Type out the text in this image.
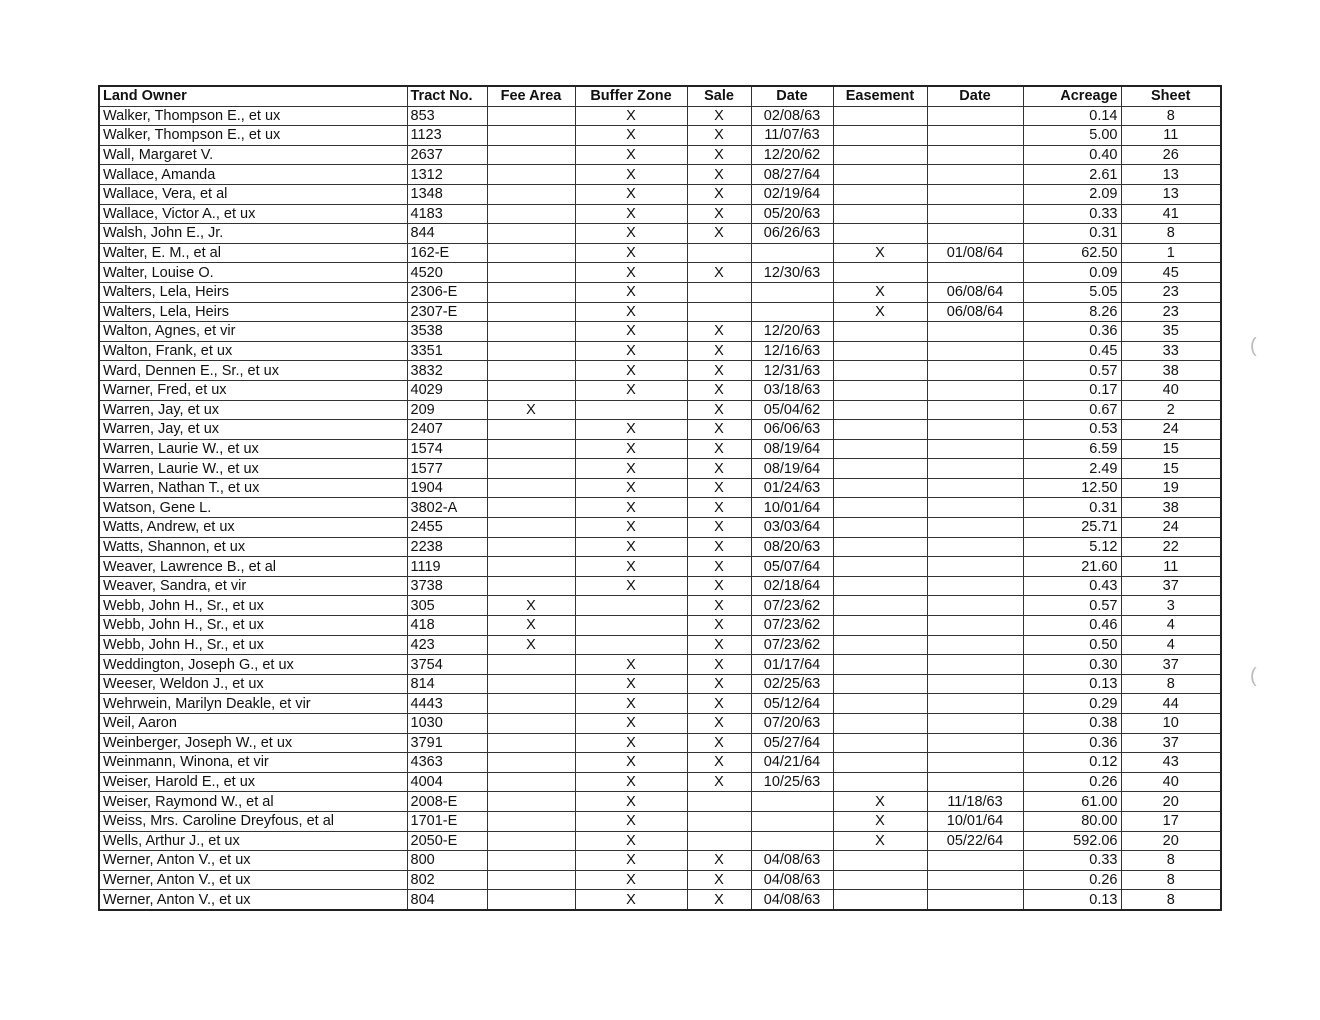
Land Owner	Tract No.	Fee Area	Buffer Zone	Sale	Date	Easement	Date	Acreage	Sheet
Walker, Thompson E., et ux	853		X	X	02/08/63			0.14	8
Walker, Thompson E., et ux	1123		X	X	11/07/63			5.00	11
Wall, Margaret V.	2637		X	X	12/20/62			0.40	26
Wallace, Amanda	1312		X	X	08/27/64			2.61	13
Wallace, Vera, et al	1348		X	X	02/19/64			2.09	13
Wallace, Victor A., et ux	4183		X	X	05/20/63			0.33	41
Walsh, John E., Jr.	844		X	X	06/26/63			0.31	8
Walter, E. M., et al	162-E		X			X	01/08/64	62.50	1
Walter, Louise O.	4520		X	X	12/30/63			0.09	45
Walters, Lela, Heirs	2306-E		X			X	06/08/64	5.05	23
Walters, Lela, Heirs	2307-E		X			X	06/08/64	8.26	23
Walton, Agnes, et vir	3538		X	X	12/20/63			0.36	35
Walton, Frank, et ux	3351		X	X	12/16/63			0.45	33
Ward, Dennen E., Sr., et ux	3832		X	X	12/31/63			0.57	38
Warner, Fred, et ux	4029		X	X	03/18/63			0.17	40
Warren, Jay, et ux	209	X		X	05/04/62			0.67	2
Warren, Jay, et ux	2407		X	X	06/06/63			0.53	24
Warren, Laurie W., et ux	1574		X	X	08/19/64			6.59	15
Warren, Laurie W., et ux	1577		X	X	08/19/64			2.49	15
Warren, Nathan T., et ux	1904		X	X	01/24/63			12.50	19
Watson, Gene L.	3802-A		X	X	10/01/64			0.31	38
Watts, Andrew, et ux	2455		X	X	03/03/64			25.71	24
Watts, Shannon, et ux	2238		X	X	08/20/63			5.12	22
Weaver, Lawrence B., et al	1119		X	X	05/07/64			21.60	11
Weaver, Sandra, et vir	3738		X	X	02/18/64			0.43	37
Webb, John H., Sr., et ux	305	X		X	07/23/62			0.57	3
Webb, John H., Sr., et ux	418	X		X	07/23/62			0.46	4
Webb, John H., Sr., et ux	423	X		X	07/23/62			0.50	4
Weddington, Joseph G., et ux	3754		X	X	01/17/64			0.30	37
Weeser, Weldon J., et ux	814		X	X	02/25/63			0.13	8
Wehrwein, Marilyn Deakle, et vir	4443		X	X	05/12/64			0.29	44
Weil, Aaron	1030		X	X	07/20/63			0.38	10
Weinberger, Joseph W., et ux	3791		X	X	05/27/64			0.36	37
Weinmann, Winona, et vir	4363		X	X	04/21/64			0.12	43
Weiser, Harold E., et ux	4004		X	X	10/25/63			0.26	40
Weiser, Raymond W., et al	2008-E		X			X	11/18/63	61.00	20
Weiss, Mrs. Caroline Dreyfous, et al	1701-E		X			X	10/01/64	80.00	17
Wells, Arthur J., et ux	2050-E		X			X	05/22/64	592.06	20
Werner, Anton V., et ux	800		X	X	04/08/63			0.33	8
Werner, Anton V., et ux	802		X	X	04/08/63			0.26	8
Werner, Anton V., et ux	804		X	X	04/08/63			0.13	8
(
(
